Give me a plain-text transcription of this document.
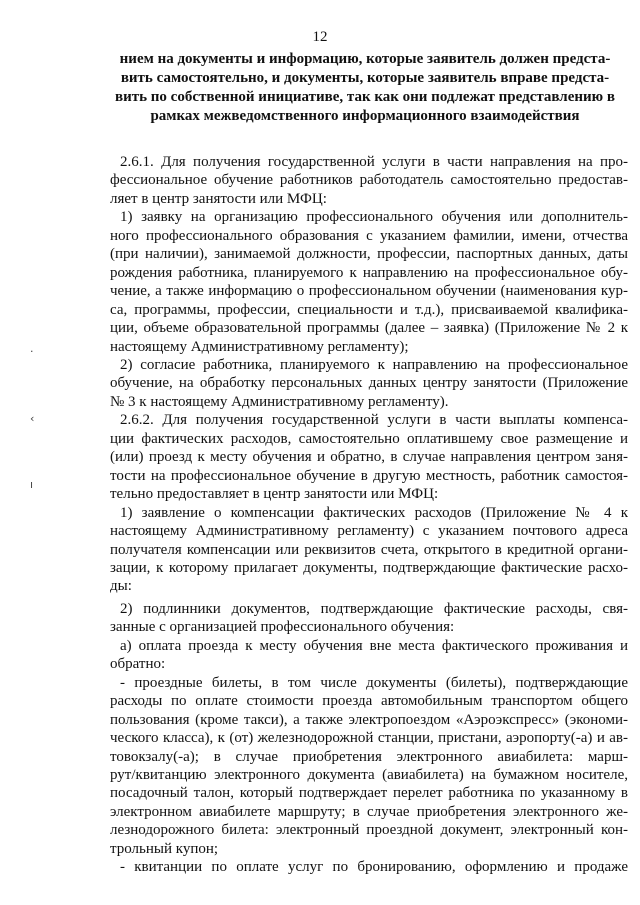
12
нием на документы и информацию, которые заявитель должен предста-
вить самостоятельно, и документы, которые заявитель вправе предста-
вить по собственной инициативе, так как они подлежат представлению в
рамках межведомственного информационного взаимодействия
·
‹
ı
2.6.1. Для получения государственной услуги в части направления на про-
фессиональное обучение работников работодатель самостоятельно предостав-
ляет в центр занятости или МФЦ:
1) заявку на организацию профессионального обучения или дополнитель-
ного профессионального образования с указанием фамилии, имени, отчества
(при наличии), занимаемой должности, профессии, паспортных данных, даты
рождения работника, планируемого к направлению на профессиональное обу-
чение, а также информацию о профессиональном обучении (наименования кур-
са, программы, профессии, специальности и т.д.), присваиваемой квалифика-
ции, объеме образовательной программы (далее – заявка) (Приложение № 2 к
настоящему Административному регламенту);
2) согласие работника, планируемого к направлению на профессиональное
обучение, на обработку персональных данных центру занятости (Приложение
№ 3 к настоящему Административному регламенту).
2.6.2. Для получения государственной услуги в части выплаты компенса-
ции фактических расходов, самостоятельно оплатившему свое размещение и
(или) проезд к месту обучения и обратно, в случае направления центром заня-
тости на профессиональное обучение в другую местность, работник самостоя-
тельно предоставляет в центр занятости или МФЦ:
1) заявление о компенсации фактических расходов (Приложение № 4 к
настоящему Административному регламенту) с указанием почтового адреса
получателя компенсации или реквизитов счета, открытого в кредитной органи-
зации, к которому прилагает документы, подтверждающие фактические расхо-
ды:
2) подлинники документов, подтверждающие фактические расходы, свя-
занные с организацией профессионального обучения:
а) оплата проезда к месту обучения вне места фактического проживания и
обратно:
- проездные билеты, в том числе документы (билеты), подтверждающие
расходы по оплате стоимости проезда автомобильным транспортом общего
пользования (кроме такси), а также электропоездом «Аэроэкспресс» (экономи-
ческого класса), к (от) железнодорожной станции, пристани, аэропорту(-а) и ав-
товокзалу(-а); в случае приобретения электронного авиабилета: марш-
рут/квитанцию электронного документа (авиабилета) на бумажном носителе,
посадочный талон, который подтверждает перелет работника по указанному в
электронном авиабилете маршруту; в случае приобретения электронного же-
лезнодорожного билета: электронный проездной документ, электронный кон-
трольный купон;
- квитанции по оплате услуг по бронированию, оформлению и продаже
